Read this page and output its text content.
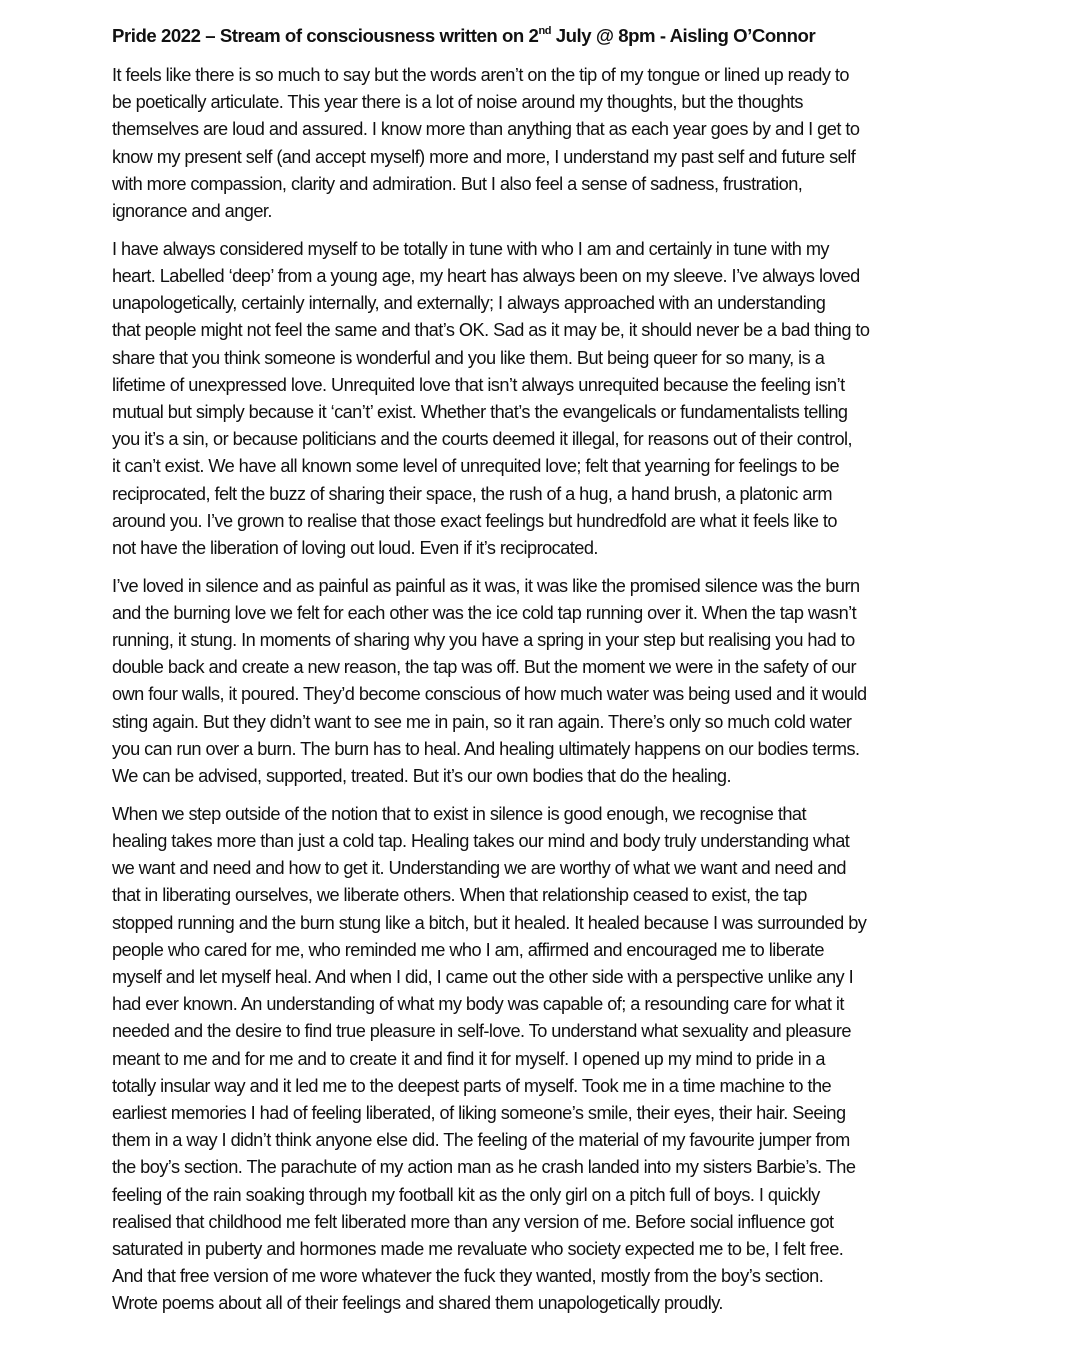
Pride 2022 – Stream of consciousness written on 2nd July @ 8pm - Aisling O’Connor
It feels like there is so much to say but the words aren’t on the tip of my tongue or lined up ready to
be poetically articulate. This year there is a lot of noise around my thoughts, but the thoughts
themselves are loud and assured. I know more than anything that as each year goes by and I get to
know my present self (and accept myself) more and more, I understand my past self and future self
with more compassion, clarity and admiration. But I also feel a sense of sadness, frustration,
ignorance and anger.
I have always considered myself to be totally in tune with who I am and certainly in tune with my
heart. Labelled ‘deep’ from a young age, my heart has always been on my sleeve. I’ve always loved
unapologetically, certainly internally, and externally; I always approached with an understanding
that people might not feel the same and that’s OK. Sad as it may be, it should never be a bad thing to
share that you think someone is wonderful and you like them. But being queer for so many, is a
lifetime of unexpressed love. Unrequited love that isn’t always unrequited because the feeling isn’t
mutual but simply because it ‘can’t’ exist. Whether that’s the evangelicals or fundamentalists telling
you it’s a sin, or because politicians and the courts deemed it illegal, for reasons out of their control,
it can’t exist. We have all known some level of unrequited love; felt that yearning for feelings to be
reciprocated, felt the buzz of sharing their space, the rush of a hug, a hand brush, a platonic arm
around you. I’ve grown to realise that those exact feelings but hundredfold are what it feels like to
not have the liberation of loving out loud. Even if it’s reciprocated.
I’ve loved in silence and as painful as painful as it was, it was like the promised silence was the burn
and the burning love we felt for each other was the ice cold tap running over it. When the tap wasn’t
running, it stung. In moments of sharing why you have a spring in your step but realising you had to
double back and create a new reason, the tap was off. But the moment we were in the safety of our
own four walls, it poured. They’d become conscious of how much water was being used and it would
sting again. But they didn’t want to see me in pain, so it ran again. There’s only so much cold water
you can run over a burn. The burn has to heal. And healing ultimately happens on our bodies terms.
We can be advised, supported, treated. But it’s our own bodies that do the healing.
When we step outside of the notion that to exist in silence is good enough, we recognise that
healing takes more than just a cold tap. Healing takes our mind and body truly understanding what
we want and need and how to get it. Understanding we are worthy of what we want and need and
that in liberating ourselves, we liberate others. When that relationship ceased to exist, the tap
stopped running and the burn stung like a bitch, but it healed. It healed because I was surrounded by
people who cared for me, who reminded me who I am, affirmed and encouraged me to liberate
myself and let myself heal. And when I did, I came out the other side with a perspective unlike any I
had ever known. An understanding of what my body was capable of; a resounding care for what it
needed and the desire to find true pleasure in self-love. To understand what sexuality and pleasure
meant to me and for me and to create it and find it for myself. I opened up my mind to pride in a
totally insular way and it led me to the deepest parts of myself. Took me in a time machine to the
earliest memories I had of feeling liberated, of liking someone’s smile, their eyes, their hair. Seeing
them in a way I didn’t think anyone else did. The feeling of the material of my favourite jumper from
the boy’s section. The parachute of my action man as he crash landed into my sisters Barbie’s. The
feeling of the rain soaking through my football kit as the only girl on a pitch full of boys. I quickly
realised that childhood me felt liberated more than any version of me. Before social influence got
saturated in puberty and hormones made me revaluate who society expected me to be, I felt free.
And that free version of me wore whatever the fuck they wanted, mostly from the boy’s section.
Wrote poems about all of their feelings and shared them unapologetically proudly.
